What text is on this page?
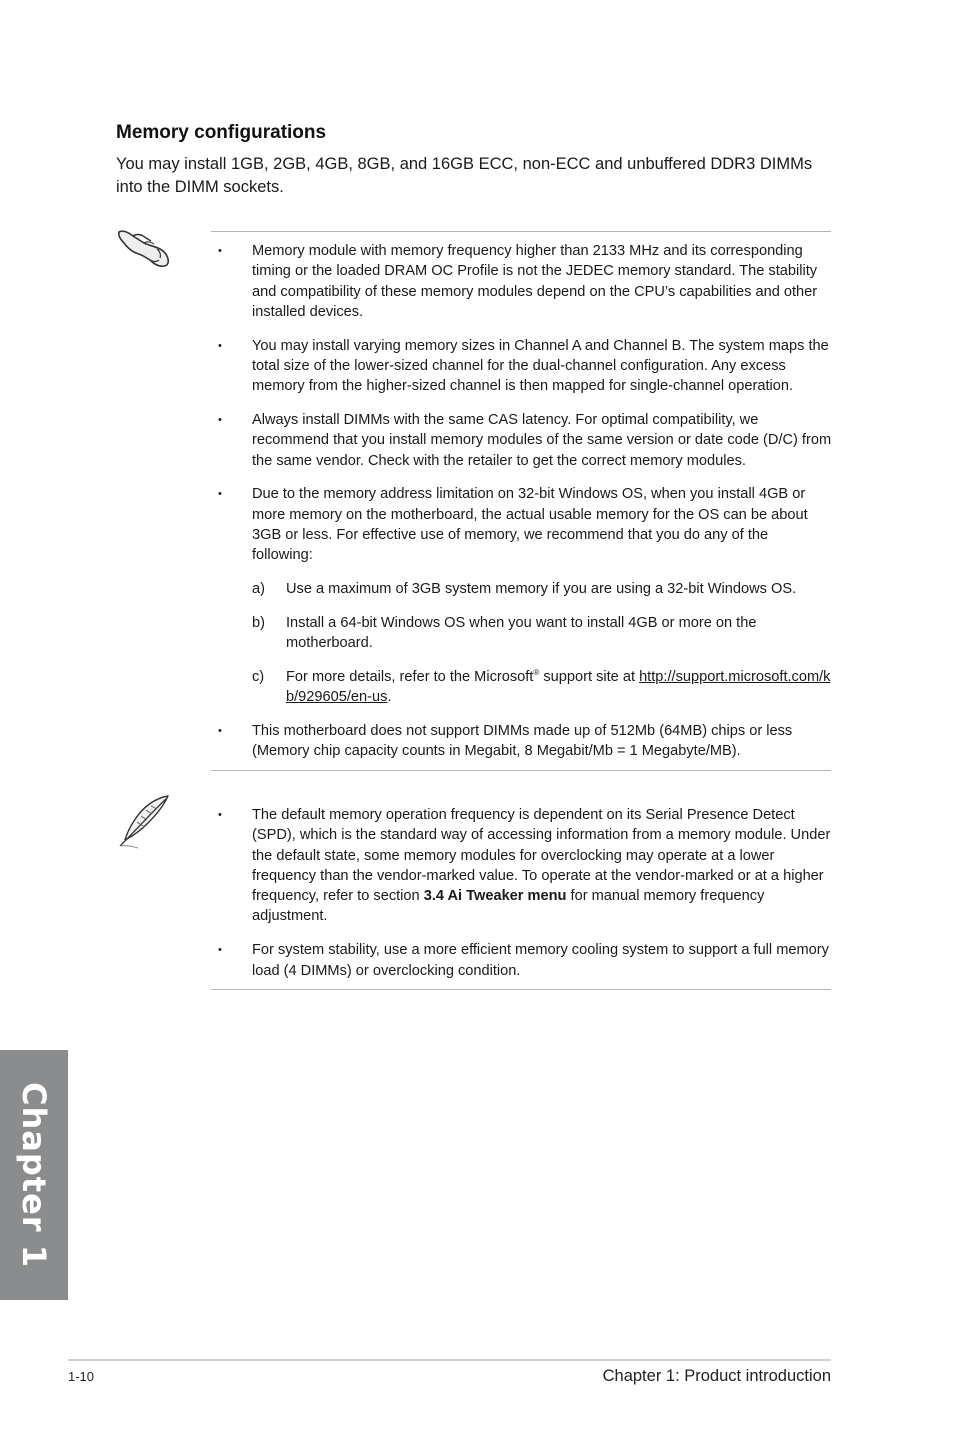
Memory configurations

You may install 1GB, 2GB, 4GB, 8GB, and 16GB ECC, non-ECC and unbuffered DDR3 DIMMs into the DIMM sockets.

• Memory module with memory frequency higher than 2133 MHz and its corresponding timing or the loaded DRAM OC Profile is not the JEDEC memory standard. The stability and compatibility of these memory modules depend on the CPU’s capabilities and other installed devices.
• You may install varying memory sizes in Channel A and Channel B. The system maps the total size of the lower-sized channel for the dual-channel configuration. Any excess memory from the higher-sized channel is then mapped for single-channel operation.
• Always install DIMMs with the same CAS latency. For optimal compatibility, we recommend that you install memory modules of the same version or date code (D/C) from the same vendor. Check with the retailer to get the correct memory modules.
• Due to the memory address limitation on 32-bit Windows OS, when you install 4GB or more memory on the motherboard, the actual usable memory for the OS can be about 3GB or less. For effective use of memory, we recommend that you do any of the following:
a) Use a maximum of 3GB system memory if you are using a 32-bit Windows OS.
b) Install a 64-bit Windows OS when you want to install 4GB or more on the motherboard.
c) For more details, refer to the Microsoft® support site at http://support.microsoft.com/kb/929605/en-us.
• This motherboard does not support DIMMs made up of 512Mb (64MB) chips or less (Memory chip capacity counts in Megabit, 8 Megabit/Mb = 1 Megabyte/MB).
• The default memory operation frequency is dependent on its Serial Presence Detect (SPD), which is the standard way of accessing information from a memory module. Under the default state, some memory modules for overclocking may operate at a lower frequency than the vendor-marked value. To operate at the vendor-marked or at a higher frequency, refer to section 3.4 Ai Tweaker menu for manual memory frequency adjustment.
• For system stability, use a more efficient memory cooling system to support a full memory load (4 DIMMs) or overclocking condition.
Chapter 1
1-10	Chapter 1: Product introduction
